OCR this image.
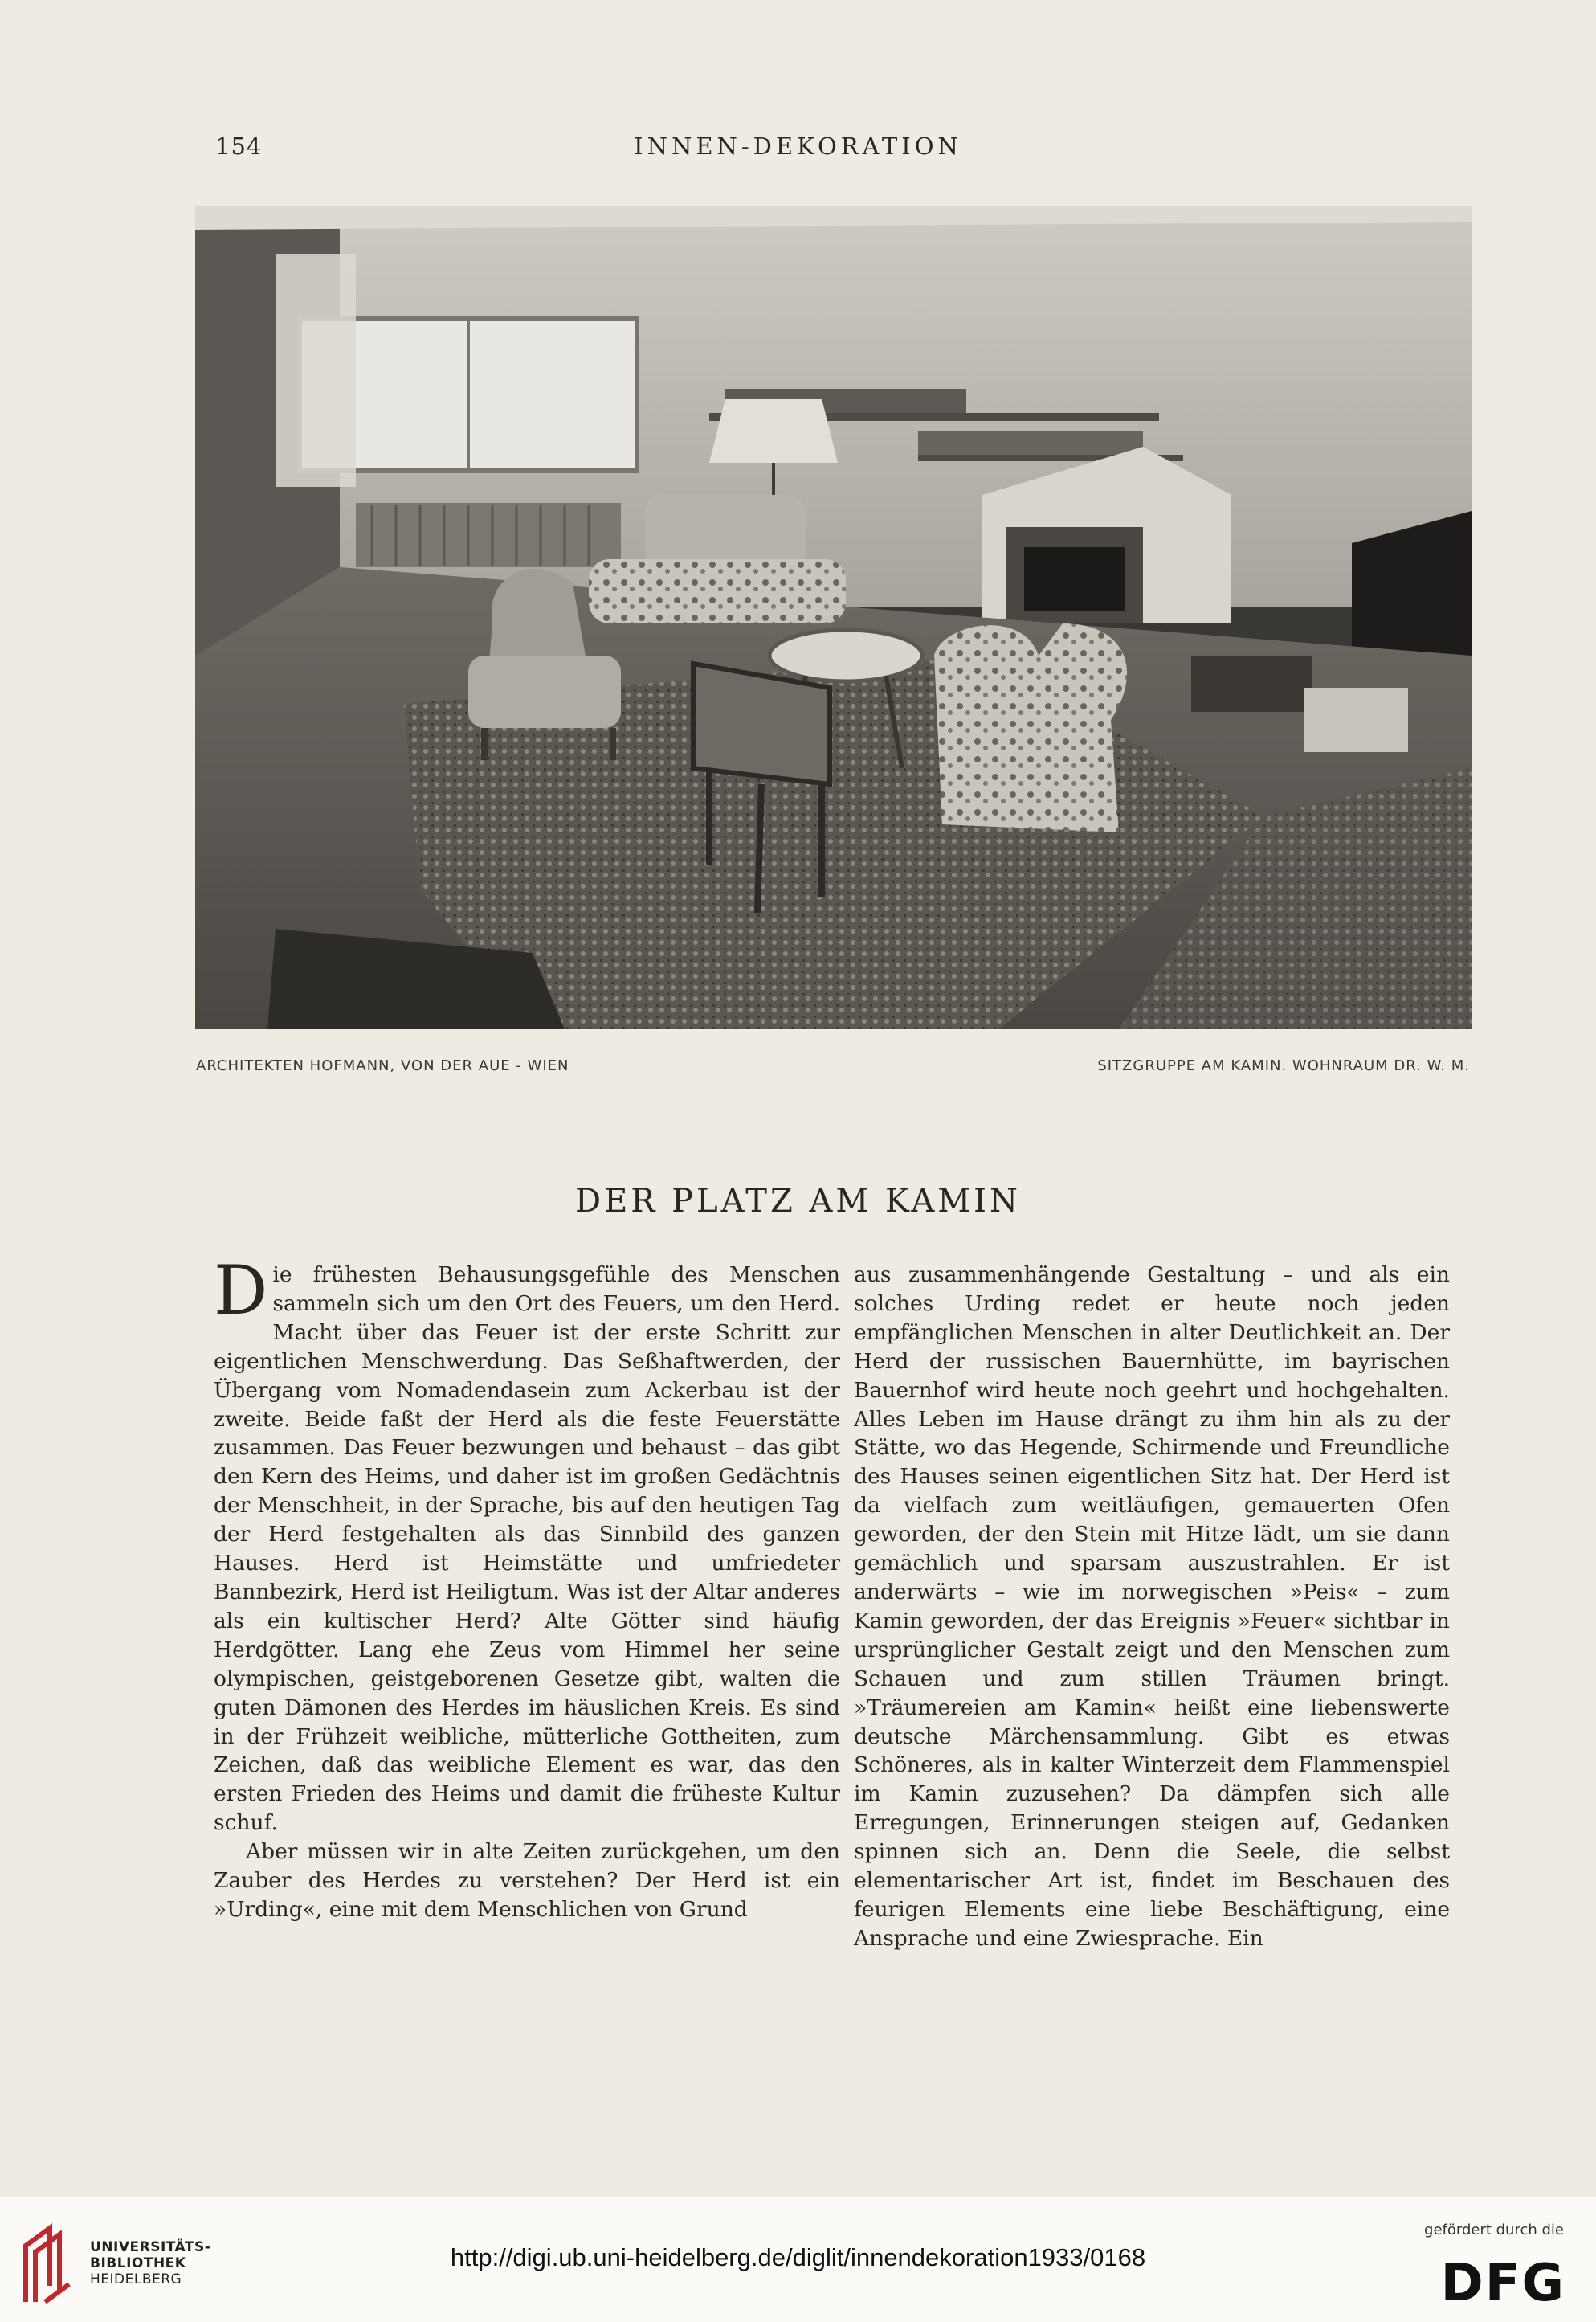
154	INNEN-DEKORATION
ARCHITEKTEN HOFMANN, VON DER AUE - WIEN	SITZGRUPPE AM KAMIN. WOHNRAUM DR. W. M.
DER PLATZ AM KAMIN

Die frühesten Behausungsgefühle des Menschen sammeln sich um den Ort des Feuers, um den Herd. Macht über das Feuer ist der erste Schritt zur eigentlichen Menschwerdung. Das Seßhaftwerden, der Übergang vom Nomadendasein zum Ackerbau ist der zweite. Beide faßt der Herd als die feste Feuerstätte zusammen. Das Feuer bezwungen und behaust – das gibt den Kern des Heims, und daher ist im großen Gedächtnis der Menschheit, in der Sprache, bis auf den heutigen Tag der Herd festgehalten als das Sinnbild des ganzen Hauses. Herd ist Heimstätte und umfriedeter Bannbezirk, Herd ist Heiligtum. Was ist der Altar anderes als ein kultischer Herd? Alte Götter sind häufig Herdgötter. Lang ehe Zeus vom Himmel her seine olympischen, geistgeborenen Gesetze gibt, walten die guten Dämonen des Herdes im häuslichen Kreis. Es sind in der Frühzeit weibliche, mütterliche Gottheiten, zum Zeichen, daß das weibliche Element es war, das den ersten Frieden des Heims und damit die früheste Kultur schuf.

Aber müssen wir in alte Zeiten zurückgehen, um den Zauber des Herdes zu verstehen? Der Herd ist ein »Urding«, eine mit dem Menschlichen von Grund

aus zusammenhängende Gestaltung – und als ein solches Urding redet er heute noch jeden empfänglichen Menschen in alter Deutlichkeit an. Der Herd der russischen Bauernhütte, im bayrischen Bauernhof wird heute noch geehrt und hochgehalten. Alles Leben im Hause drängt zu ihm hin als zu der Stätte, wo das Hegende, Schirmende und Freundliche des Hauses seinen eigentlichen Sitz hat. Der Herd ist da vielfach zum weitläufigen, gemauerten Ofen geworden, der den Stein mit Hitze lädt, um sie dann gemächlich und sparsam auszustrahlen. Er ist anderwärts – wie im norwegischen »Peis« – zum Kamin geworden, der das Ereignis »Feuer« sichtbar in ursprünglicher Gestalt zeigt und den Menschen zum Schauen und zum stillen Träumen bringt. »Träumereien am Kamin« heißt eine liebenswerte deutsche Märchensammlung. Gibt es etwas Schöneres, als in kalter Winterzeit dem Flammenspiel im Kamin zuzusehen? Da dämpfen sich alle Erregungen, Erinnerungen steigen auf, Gedanken spinnen sich an. Denn die Seele, die selbst elementarischer Art ist, findet im Beschauen des feurigen Elements eine liebe Beschäftigung, eine Ansprache und eine Zwiesprache. Ein

UNIVERSITÄTS-
BIBLIOTHEK
HEIDELBERG
http://digi.ub.uni-heidelberg.de/diglit/innendekoration1933/0168
gefördert durch die
DFG
